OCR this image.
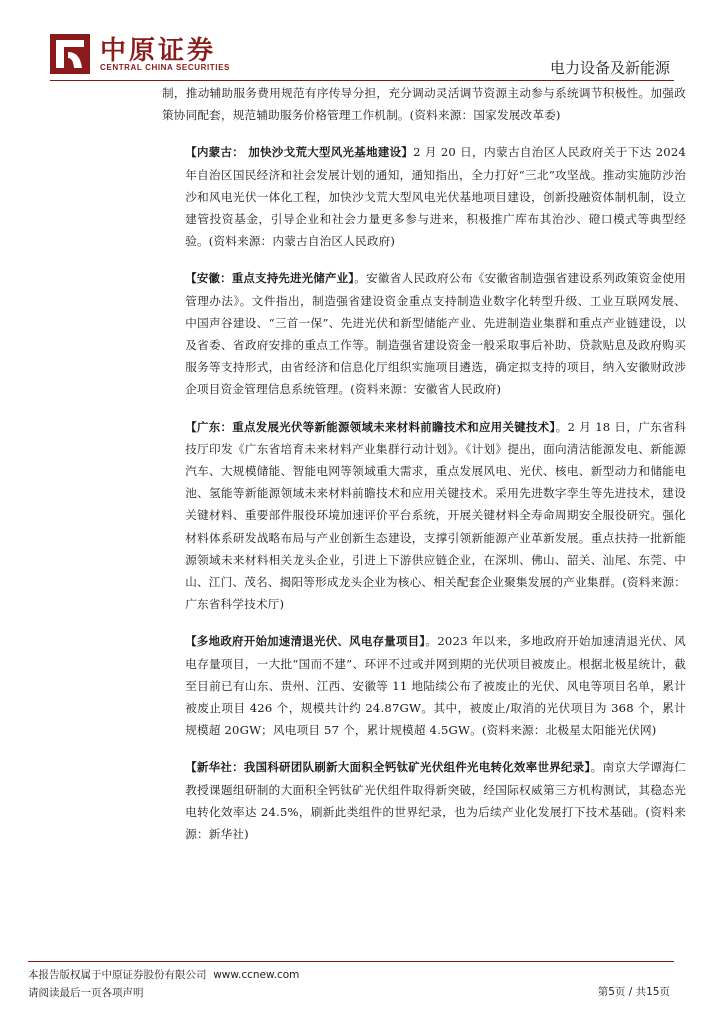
中原证券
CENTRAL CHINA SECURITIES	电力设备及新能源

制，推动辅助服务费用规范有序传导分担，充分调动灵活调节资源主动参与系统调节积极性。加强政策协同配套，规范辅助服务价格管理工作机制。(资料来源：国家发展改革委)

【内蒙古： 加快沙戈荒大型风光基地建设】2 月 20 日，内蒙古自治区人民政府关于下达 2024 年自治区国民经济和社会发展计划的通知，通知指出，全力打好“三北”攻坚战。推动实施防沙治沙和风电光伏一体化工程，加快沙戈荒大型风电光伏基地项目建设，创新投融资体制机制，设立建管投资基金，引导企业和社会力量更多参与进来，积极推广库布其治沙、磴口模式等典型经验。(资料来源：内蒙古自治区人民政府)

【安徽：重点支持先进光储产业】。安徽省人民政府公布《安徽省制造强省建设系列政策资金使用管理办法》。文件指出，制造强省建设资金重点支持制造业数字化转型升级、工业互联网发展、中国声谷建设、“三首一保”、先进光伏和新型储能产业、先进制造业集群和重点产业链建设，以及省委、省政府安排的重点工作等。制造强省建设资金一般采取事后补助、贷款贴息及政府购买服务等支持形式，由省经济和信息化厅组织实施项目遴选，确定拟支持的项目，纳入安徽财政涉企项目资金管理信息系统管理。(资料来源：安徽省人民政府)

【广东：重点发展光伏等新能源领域未来材料前瞻技术和应用关键技术】。2 月 18 日，广东省科技厅印发《广东省培育未来材料产业集群行动计划》。《计划》提出，面向清洁能源发电、新能源汽车、大规模储能、智能电网等领域重大需求，重点发展风电、光伏、核电、新型动力和储能电池、氢能等新能源领域未来材料前瞻技术和应用关键技术。采用先进数字孪生等先进技术，建设关键材料、重要部件服役环境加速评价平台系统，开展关键材料全寿命周期安全服役研究。强化材料体系研发战略布局与产业创新生态建设，支撑引领新能源产业革新发展。重点扶持一批新能源领域未来材料相关龙头企业，引进上下游供应链企业，在深圳、佛山、韶关、汕尾、东莞、中山、江门、茂名、揭阳等形成龙头企业为核心、相关配套企业聚集发展的产业集群。(资料来源：广东省科学技术厅)

【多地政府开始加速清退光伏、风电存量项目】。2023 年以来，多地政府开始加速清退光伏、风电存量项目，一大批“国而不建”、环评不过或并网到期的光伏项目被废止。根据北极星统计，截至目前已有山东、贵州、江西、安徽等 11 地陆续公布了被废止的光伏、风电等项目名单，累计被废止项目 426 个，规模共计约 24.87GW。其中，被废止/取消的光伏项目为 368 个，累计规模超 20GW；风电项目 57 个，累计规模超 4.5GW。(资料来源：北极星太阳能光伏网)

【新华社：我国科研团队刷新大面积全钙钛矿光伏组件光电转化效率世界纪录】。南京大学谭海仁教授课题组研制的大面积全钙钛矿光伏组件取得新突破，经国际权威第三方机构测试，其稳态光电转化效率达 24.5%，刷新此类组件的世界纪录，也为后续产业化发展打下技术基础。(资料来源：新华社)

本报告版权属于中原证券股份有限公司 www.ccnew.com
请阅读最后一页各项声明	第5页 / 共15页
